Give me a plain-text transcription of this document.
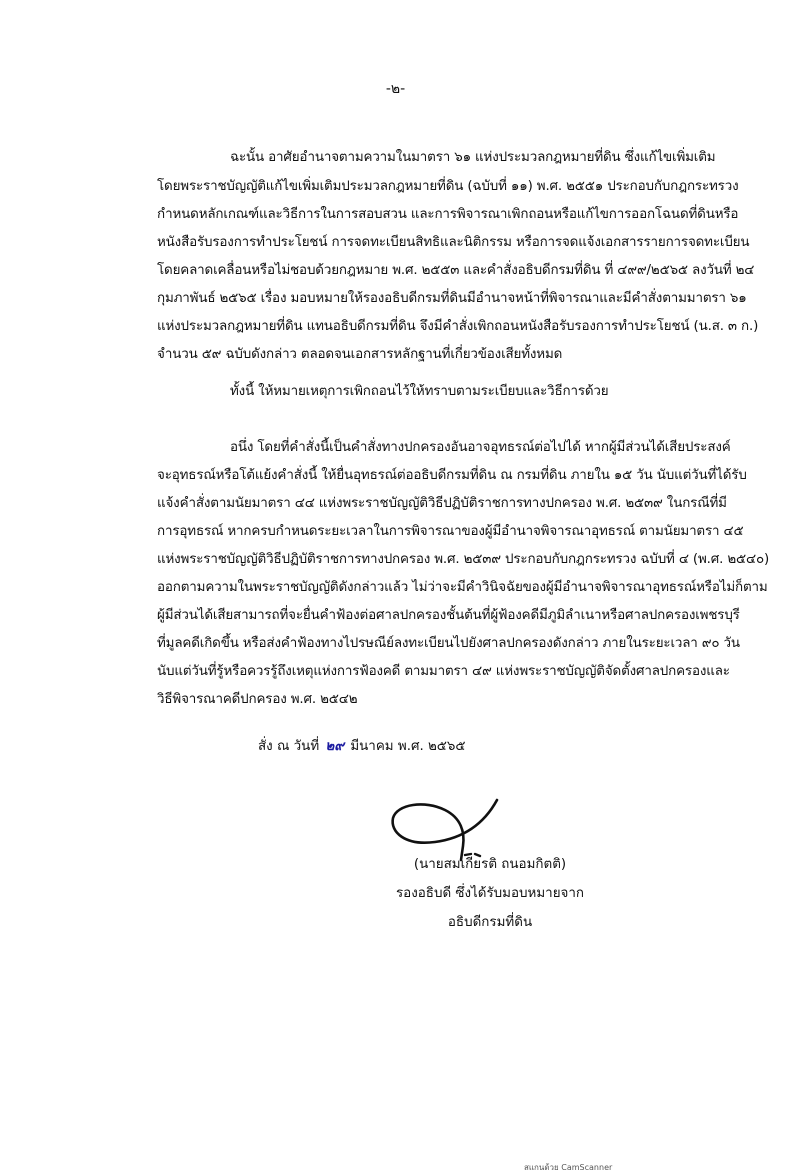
-๒-
ฉะนั้น อาศัยอำนาจตามความในมาตรา ๖๑ แห่งประมวลกฎหมายที่ดิน ซึ่งแก้ไขเพิ่มเติม
โดยพระราชบัญญัติแก้ไขเพิ่มเติมประมวลกฎหมายที่ดิน (ฉบับที่ ๑๑) พ.ศ. ๒๕๕๑ ประกอบกับกฎกระทรวง
กำหนดหลักเกณฑ์และวิธีการในการสอบสวน และการพิจารณาเพิกถอนหรือแก้ไขการออกโฉนดที่ดินหรือ
หนังสือรับรองการทำประโยชน์ การจดทะเบียนสิทธิและนิติกรรม หรือการจดแจ้งเอกสารรายการจดทะเบียน
โดยคลาดเคลื่อนหรือไม่ชอบด้วยกฎหมาย พ.ศ. ๒๕๕๓ และคำสั่งอธิบดีกรมที่ดิน ที่ ๔๙๙/๒๕๖๕ ลงวันที่ ๒๔
กุมภาพันธ์ ๒๕๖๕ เรื่อง มอบหมายให้รองอธิบดีกรมที่ดินมีอำนาจหน้าที่พิจารณาและมีคำสั่งตามมาตรา ๖๑
แห่งประมวลกฎหมายที่ดิน แทนอธิบดีกรมที่ดิน จึงมีคำสั่งเพิกถอนหนังสือรับรองการทำประโยชน์ (น.ส. ๓ ก.)
จำนวน ๕๙ ฉบับดังกล่าว ตลอดจนเอกสารหลักฐานที่เกี่ยวข้องเสียทั้งหมด
ทั้งนี้ ให้หมายเหตุการเพิกถอนไว้ให้ทราบตามระเบียบและวิธีการด้วย
อนึ่ง โดยที่คำสั่งนี้เป็นคำสั่งทางปกครองอันอาจอุทธรณ์ต่อไปได้ หากผู้มีส่วนได้เสียประสงค์
จะอุทธรณ์หรือโต้แย้งคำสั่งนี้ ให้ยื่นอุทธรณ์ต่ออธิบดีกรมที่ดิน ณ กรมที่ดิน ภายใน ๑๕ วัน นับแต่วันที่ได้รับ
แจ้งคำสั่งตามนัยมาตรา ๔๔ แห่งพระราชบัญญัติวิธีปฏิบัติราชการทางปกครอง พ.ศ. ๒๕๓๙ ในกรณีที่มี
การอุทธรณ์ หากครบกำหนดระยะเวลาในการพิจารณาของผู้มีอำนาจพิจารณาอุทธรณ์ ตามนัยมาตรา ๔๕
แห่งพระราชบัญญัติวิธีปฏิบัติราชการทางปกครอง พ.ศ. ๒๕๓๙ ประกอบกับกฎกระทรวง ฉบับที่ ๔ (พ.ศ. ๒๕๔๐)
ออกตามความในพระราชบัญญัติดังกล่าวแล้ว ไม่ว่าจะมีคำวินิจฉัยของผู้มีอำนาจพิจารณาอุทธรณ์หรือไม่ก็ตาม
ผู้มีส่วนได้เสียสามารถที่จะยื่นคำฟ้องต่อศาลปกครองชั้นต้นที่ผู้ฟ้องคดีมีภูมิลำเนาหรือศาลปกครองเพชรบุรี
ที่มูลคดีเกิดขึ้น หรือส่งคำฟ้องทางไปรษณีย์ลงทะเบียนไปยังศาลปกครองดังกล่าว ภายในระยะเวลา ๙๐ วัน
นับแต่วันที่รู้หรือควรรู้ถึงเหตุแห่งการฟ้องคดี ตามมาตรา ๔๙ แห่งพระราชบัญญัติจัดตั้งศาลปกครองและ
วิธีพิจารณาคดีปกครอง พ.ศ. ๒๕๔๒
สั่ง ณ วันที่ ๒๙ มีนาคม พ.ศ. ๒๕๖๕
(นายสมเกียรติ ถนอมกิตติ)
รองอธิบดี ซึ่งได้รับมอบหมายจาก
อธิบดีกรมที่ดิน
สแกนด้วย CamScanner
